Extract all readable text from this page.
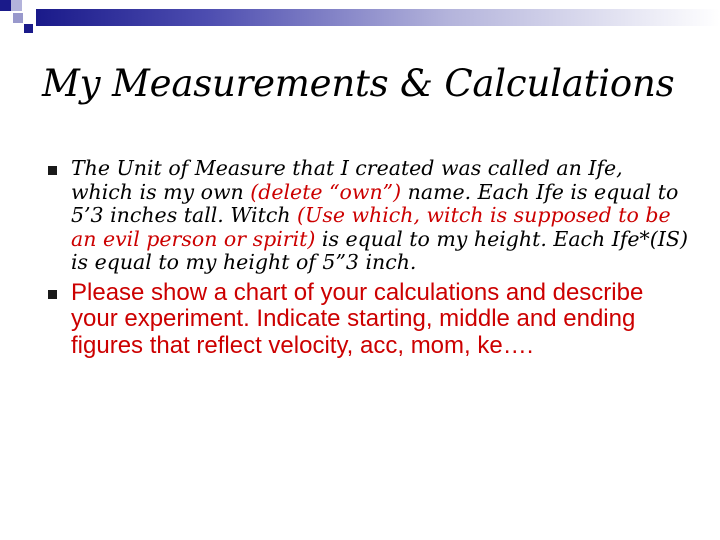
My Measurements & Calculations
The Unit of Measure that I created was called an Ife, which is my own (delete “own”) name. Each Ife is equal to 5’3 inches tall. Witch (Use which, witch is supposed to be an evil person or spirit) is equal to my height. Each Ife*(IS) is equal to my height of 5”3 inch.
Please show a chart of your calculations and describe your experiment. Indicate starting, middle and ending figures that reflect velocity, acc, mom, ke….
